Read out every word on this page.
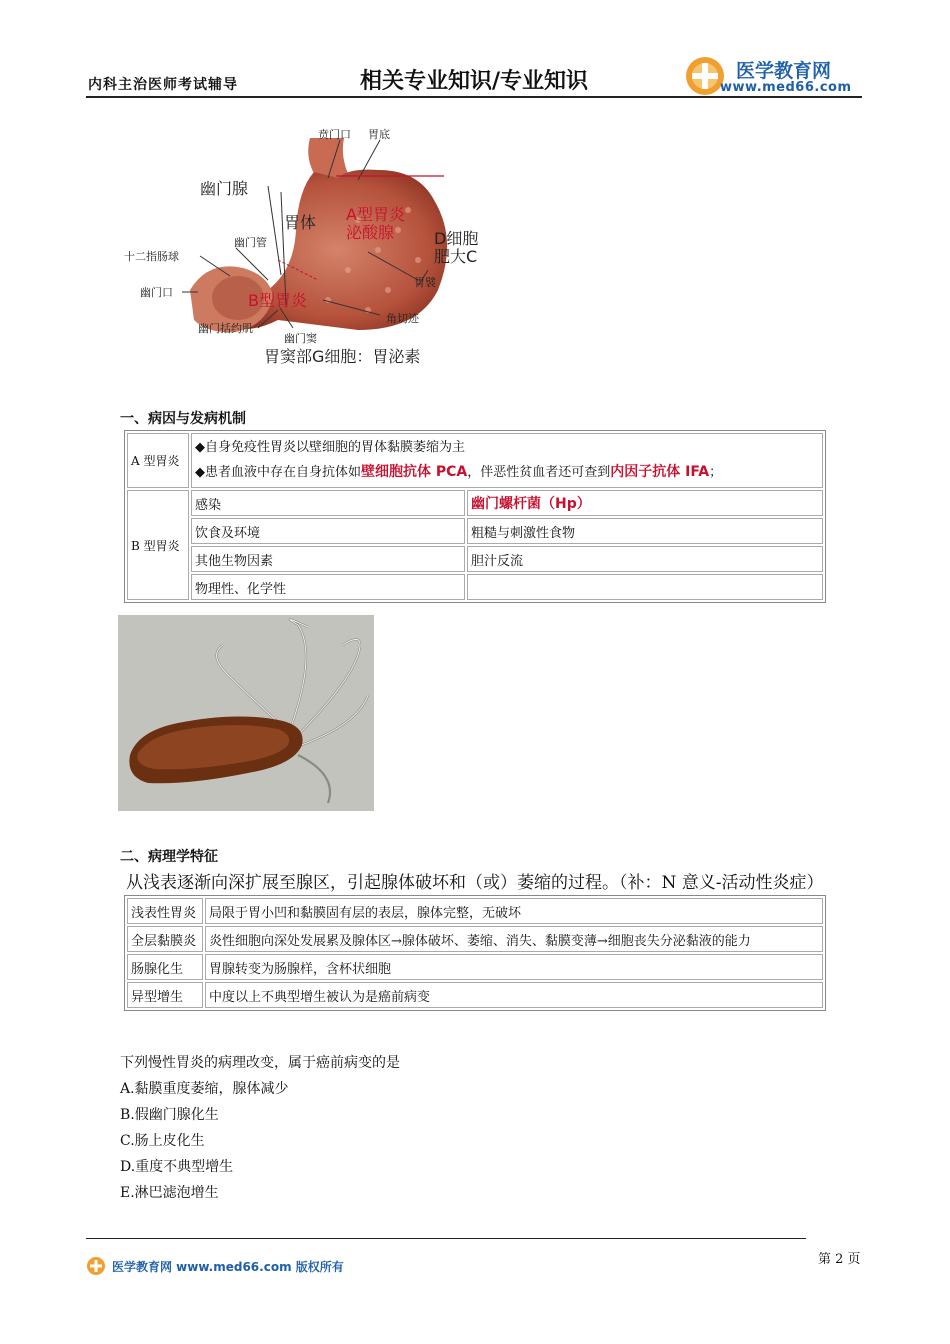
内科主治医师考试辅导	相关专业知识/专业知识	医学教育网
www.med66.com
贲门口 胃底
幽门腺
胃体 A型胃炎
泌酸腺 D细胞
肥大C
幽门管
十二指肠球
幽门口	B型胃炎
胃襞
角切迹
幽门括约肌
幽门窦
胃窦部G细胞：胃泌素
一、病因与发病机制
A 型胃炎	◆自身免疫性胃炎以壁细胞的胃体黏膜萎缩为主
◆患者血液中存在自身抗体如壁细胞抗体 PCA，伴恶性贫血者还可查到内因子抗体 IFA；	

B 型胃炎	感染	幽门螺杆菌（Hp）
	饮食及环境	粗糙与刺激性食物
	其他生物因素	胆汁反流
	物理性、化学性	
二、病理学特征
从浅表逐渐向深扩展至腺区，引起腺体破坏和（或）萎缩的过程。（补：N 意义-活动性炎症）
浅表性胃炎	局限于胃小凹和黏膜固有层的表层，腺体完整，无破坏
全层黏膜炎	炎性细胞向深处发展累及腺体区→腺体破坏、萎缩、消失、黏膜变薄→细胞丧失分泌黏液的能力
肠腺化生	胃腺转变为肠腺样，含杯状细胞
异型增生	中度以上不典型增生被认为是癌前病变
下列慢性胃炎的病理改变，属于癌前病变的是
A.黏膜重度萎缩，腺体减少
B.假幽门腺化生
C.肠上皮化生
D.重度不典型增生
E.淋巴滤泡增生
医学教育网 www.med66.com 版权所有	第 2 页
